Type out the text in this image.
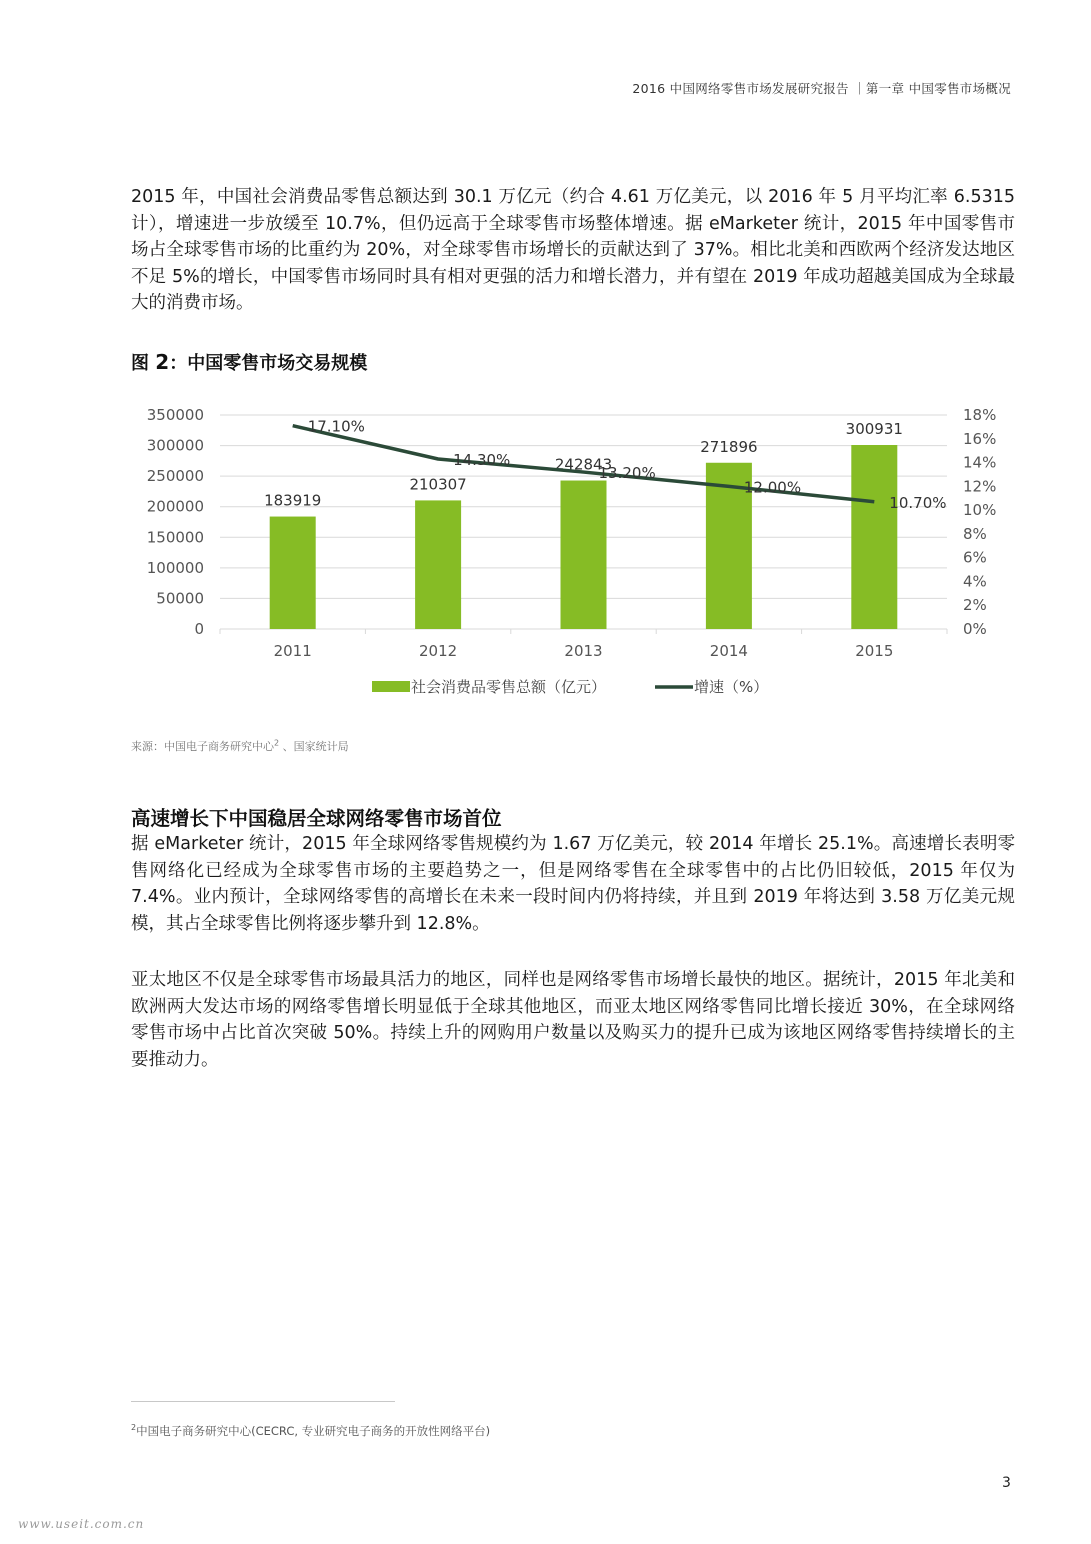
2016 中国网络零售市场发展研究报告 ｜第一章 中国零售市场概况
2015 年，中国社会消费品零售总额达到 30.1 万亿元（约合 4.61 万亿美元，以 2016 年 5 月平均汇率 6.5315 计），增速进一步放缓至 10.7%，但仍远高于全球零售市场整体增速。据 eMarketer 统计，2015 年中国零售市场占全球零售市场的比重约为 20%，对全球零售市场增长的贡献达到了 37%。相比北美和西欧两个经济发达地区不足 5%的增长，中国零售市场同时具有相对更强的活力和增长潜力，并有望在 2019 年成功超越美国成为全球最大的消费市场。
图 2：中国零售市场交易规模
0
50000
100000
150000
200000
250000
300000
350000
0%
2%
4%
6%
8%
10%
12%
14%
16%
18%
183919
210307
242843
271896
300931
17.10%
14.30%
13.20%
12.00%
10.70%
2011	2012	2013	2014	2015
社会消费品零售总额（亿元）	增速（%）
来源：中国电子商务研究中心$^2$ 、国家统计局
高速增长下中国稳居全球网络零售市场首位
据 eMarketer 统计，2015 年全球网络零售规模约为 1.67 万亿美元，较 2014 年增长 25.1%。高速增长表明零售网络化已经成为全球零售市场的主要趋势之一，但是网络零售在全球零售中的占比仍旧较低，2015 年仅为 7.4%。业内预计，全球网络零售的高增长在未来一段时间内仍将持续，并且到 2019 年将达到 3.58 万亿美元规模，其占全球零售比例将逐步攀升到 12.8%。
亚太地区不仅是全球零售市场最具活力的地区，同样也是网络零售市场增长最快的地区。据统计，2015 年北美和欧洲两大发达市场的网络零售增长明显低于全球其他地区，而亚太地区网络零售同比增长接近 30%，在全球网络零售市场中占比首次突破 50%。持续上升的网购用户数量以及购买力的提升已成为该地区网络零售持续增长的主要推动力。
$^2$中国电子商务研究中心(CECRC, 专业研究电子商务的开放性网络平台)
3
www.useit.com.cn
